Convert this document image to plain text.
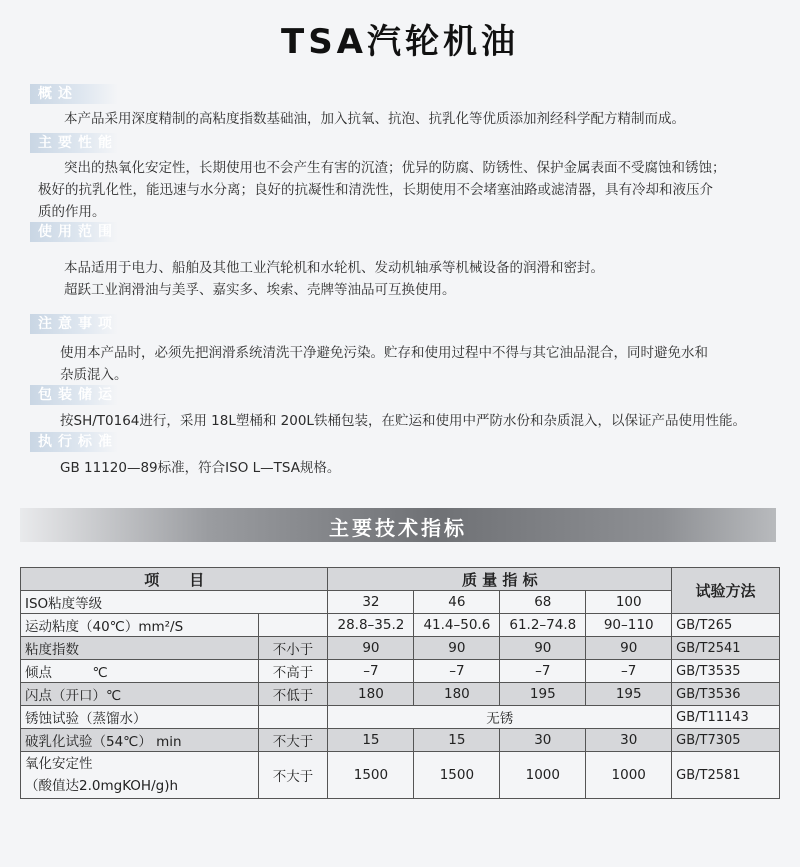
TSA汽轮机油
概述
本产品采用深度精制的高粘度指数基础油，加入抗氧、抗泡、抗乳化等优质添加剂经科学配方精制而成。
主要性能
突出的热氧化安定性，长期使用也不会产生有害的沉渣；优异的防腐、防锈性、保护金属表面不受腐蚀和锈蚀；
极好的抗乳化性，能迅速与水分离；良好的抗凝性和清洗性，长期使用不会堵塞油路或滤清器，具有冷却和液压介
质的作用。
使用范围
本品适用于电力、船舶及其他工业汽轮机和水轮机、发动机轴承等机械设备的润滑和密封。
超跃工业润滑油与美孚、嘉实多、埃索、壳牌等油品可互换使用。
注意事项
使用本产品时，必须先把润滑系统清洗干净避免污染。贮存和使用过程中不得与其它油品混合，同时避免水和
杂质混入。
包装储运
按SH/T0164进行，采用 18L塑桶和 200L铁桶包装，在贮运和使用中严防水份和杂质混入，以保证产品使用性能。
执行标准
GB 11120—89标准，符合ISO L—TSA规格。
主要技术指标
项　　目		质 量 指 标				试验方法
ISO粘度等级		32	46	68	100	
运动粘度（40℃）mm²/S		28.8–35.2	41.4–50.6	61.2–74.8	90–110	GB/T265
粘度指数	不小于	90	90	90	90	GB/T2541
倾点　　　℃	不高于	–7	–7	–7	–7	GB/T3535
闪点（开口）℃	不低于	180	180	195	195	GB/T3536
锈蚀试验（蒸馏水）		无锈				GB/T11143
破乳化试验（54℃） min	不大于	15	15	30	30	GB/T7305

氧化安定性
（酸值达2.0mgKOH/g)h	不大于	1500	1500	1000	1000	GB/T2581
